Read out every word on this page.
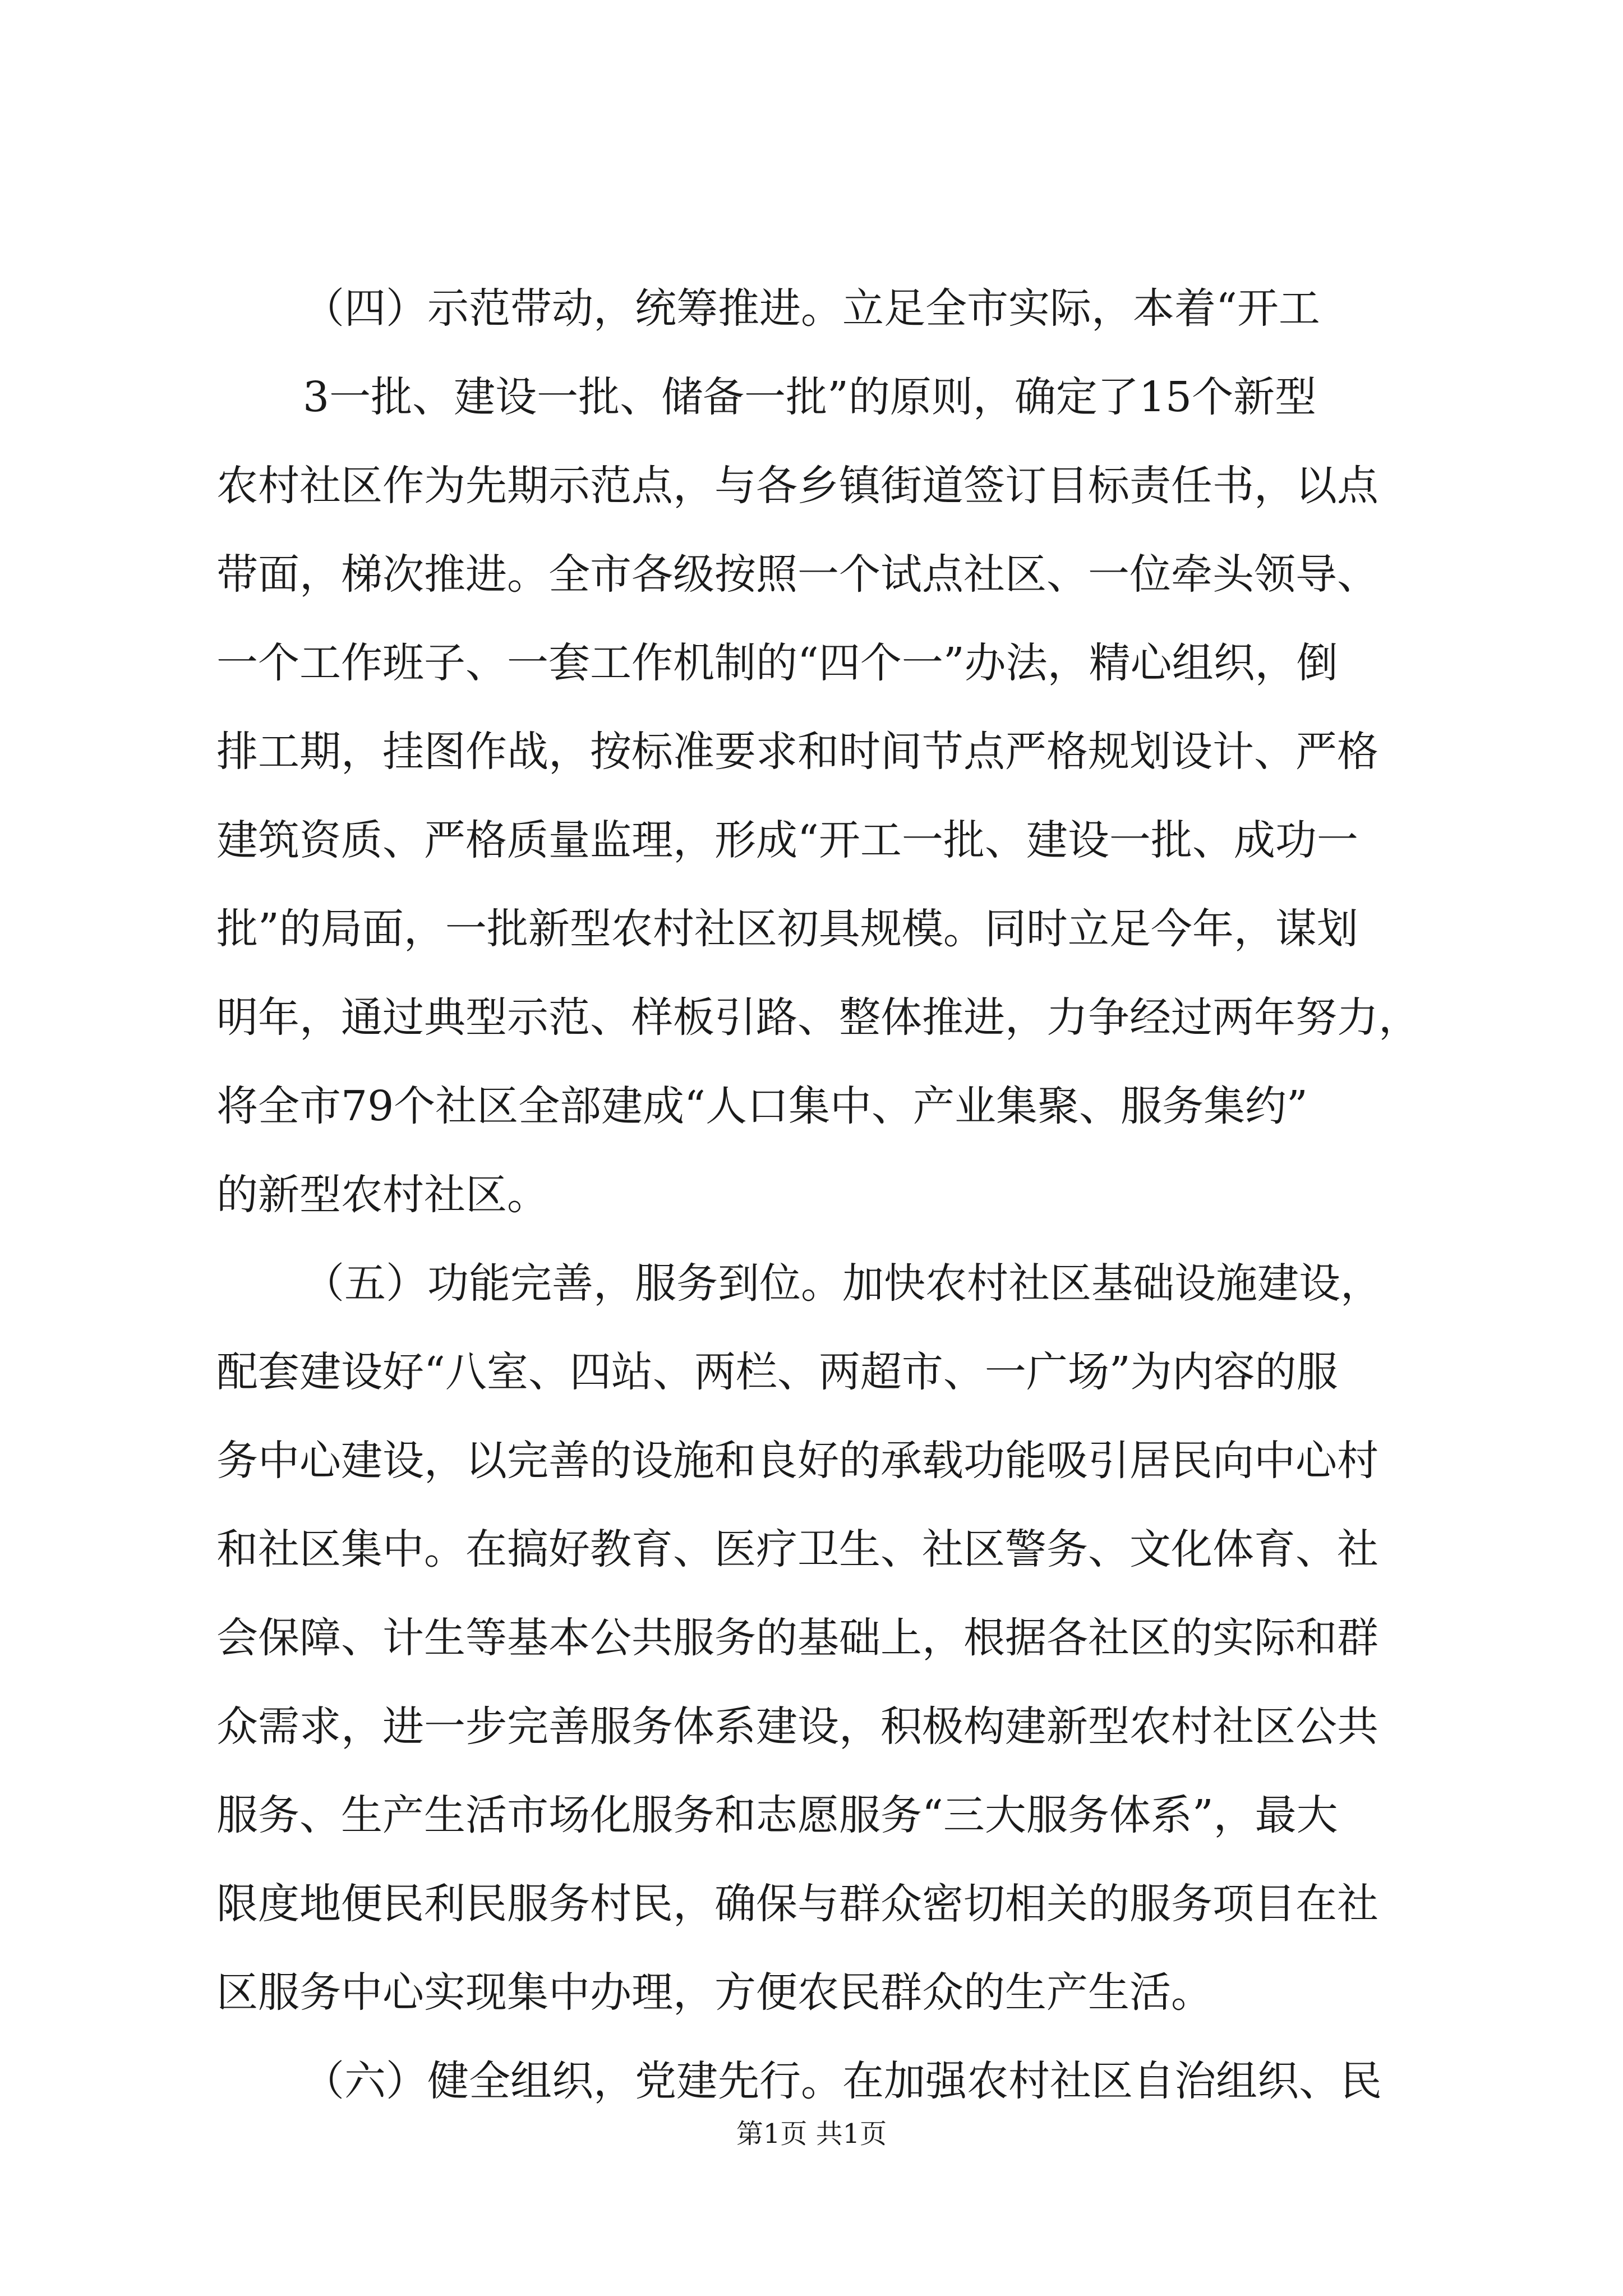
（四）示范带动，统筹推进。立足全市实际，本着“开工
3一批、建设一批、储备一批”的原则，确定了15个新型
农村社区作为先期示范点，与各乡镇街道签订目标责任书，以点
带面，梯次推进。全市各级按照一个试点社区、一位牵头领导、
一个工作班子、一套工作机制的“四个一”办法，精心组织，倒
排工期，挂图作战，按标准要求和时间节点严格规划设计、严格
建筑资质、严格质量监理，形成“开工一批、建设一批、成功一
批”的局面，一批新型农村社区初具规模。同时立足今年，谋划
明年，通过典型示范、样板引路、整体推进，力争经过两年努力，
将全市79个社区全部建成“人口集中、产业集聚、服务集约”
的新型农村社区。
（五）功能完善，服务到位。加快农村社区基础设施建设，
配套建设好“八室、四站、两栏、两超市、一广场”为内容的服
务中心建设，以完善的设施和良好的承载功能吸引居民向中心村
和社区集中。在搞好教育、医疗卫生、社区警务、文化体育、社
会保障、计生等基本公共服务的基础上，根据各社区的实际和群
众需求，进一步完善服务体系建设，积极构建新型农村社区公共
服务、生产生活市场化服务和志愿服务“三大服务体系”，最大
限度地便民利民服务村民，确保与群众密切相关的服务项目在社
区服务中心实现集中办理，方便农民群众的生产生活。
（六）健全组织，党建先行。在加强农村社区自治组织、民
第1页 共1页
